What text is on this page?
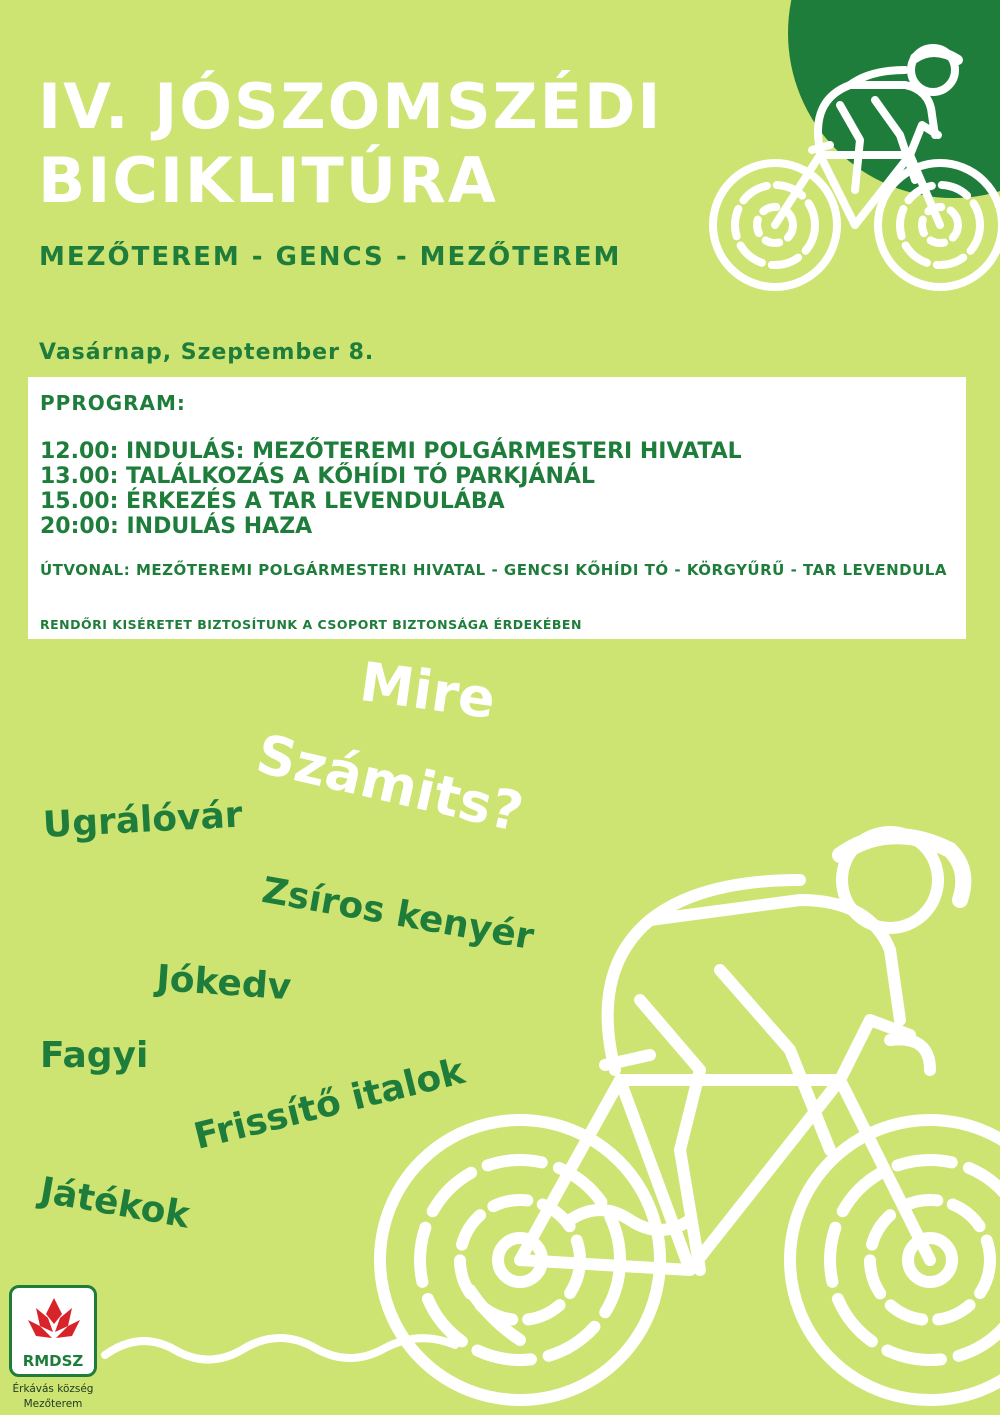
IV. JÓSZOMSZÉDI
BICIKLITÚRA
MEZŐTEREM - GENCS - MEZŐTEREM
Vasárnap, Szeptember 8.
PPROGRAM:
12.00: INDULÁS: MEZŐTEREMI POLGÁRMESTERI HIVATAL
13.00: TALÁLKOZÁS A KŐHÍDI TÓ PARKJÁNÁL
15.00: ÉRKEZÉS A TAR LEVENDULÁBA
20:00: INDULÁS HAZA
ÚTVONAL: MEZŐTEREMI POLGÁRMESTERI HIVATAL - GENCSI KŐHÍDI TÓ - KÖRGYŰRŰ - TAR LEVENDULA
RENDŐRI KISÉRETET BIZTOSÍTUNK A CSOPORT BIZTONSÁGA ÉRDEKÉBEN
Mire
Számits?
Ugrálóvár
Zsíros kenyér
Jókedv
Fagyi Frissítő italok
Játékok
RMDSZ
Érkávás község
Mezőterem
